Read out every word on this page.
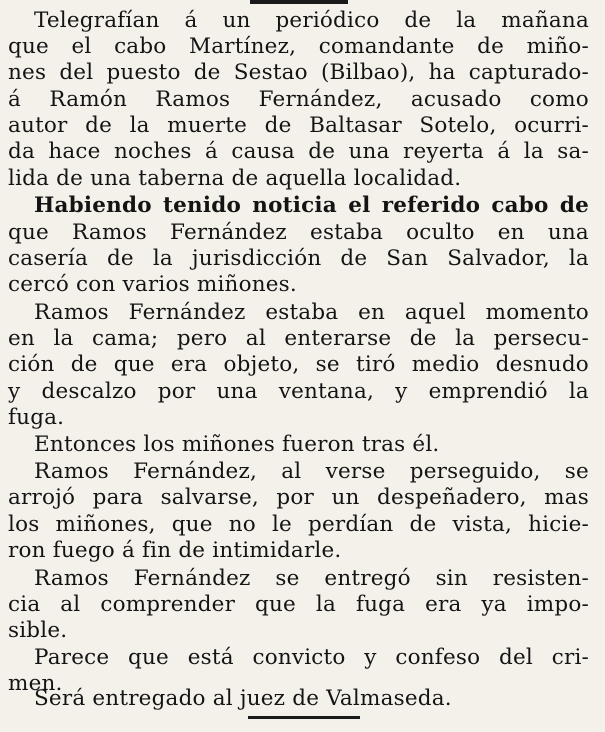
Telegrafían á un periódico de la mañana
que el cabo Martínez, comandante de miño-
nes del puesto de Sestao (Bilbao), ha capturado-
á Ramón Ramos Fernández, acusado como
autor de la muerte de Baltasar Sotelo, ocurri-
da hace noches á causa de una reyerta á la sa-
lida de una taberna de aquella localidad.
Habiendo tenido noticia el referido cabo de
que Ramos Fernández estaba oculto en una
casería de la jurisdicción de San Salvador, la
cercó con varios miñones.
Ramos Fernández estaba en aquel momento
en la cama; pero al enterarse de la persecu-
ción de que era objeto, se tiró medio desnudo
y descalzo por una ventana, y emprendió la
fuga.
Entonces los miñones fueron tras él.
Ramos Fernández, al verse perseguido, se
arrojó para salvarse, por un despeñadero, mas
los miñones, que no le perdían de vista, hicie-
ron fuego á fin de intimidarle.
Ramos Fernández se entregó sin resisten-
cia al comprender que la fuga era ya impo-
sible.
Parece que está convicto y confeso del cri-
men.
Será entregado al juez de Valmaseda.
